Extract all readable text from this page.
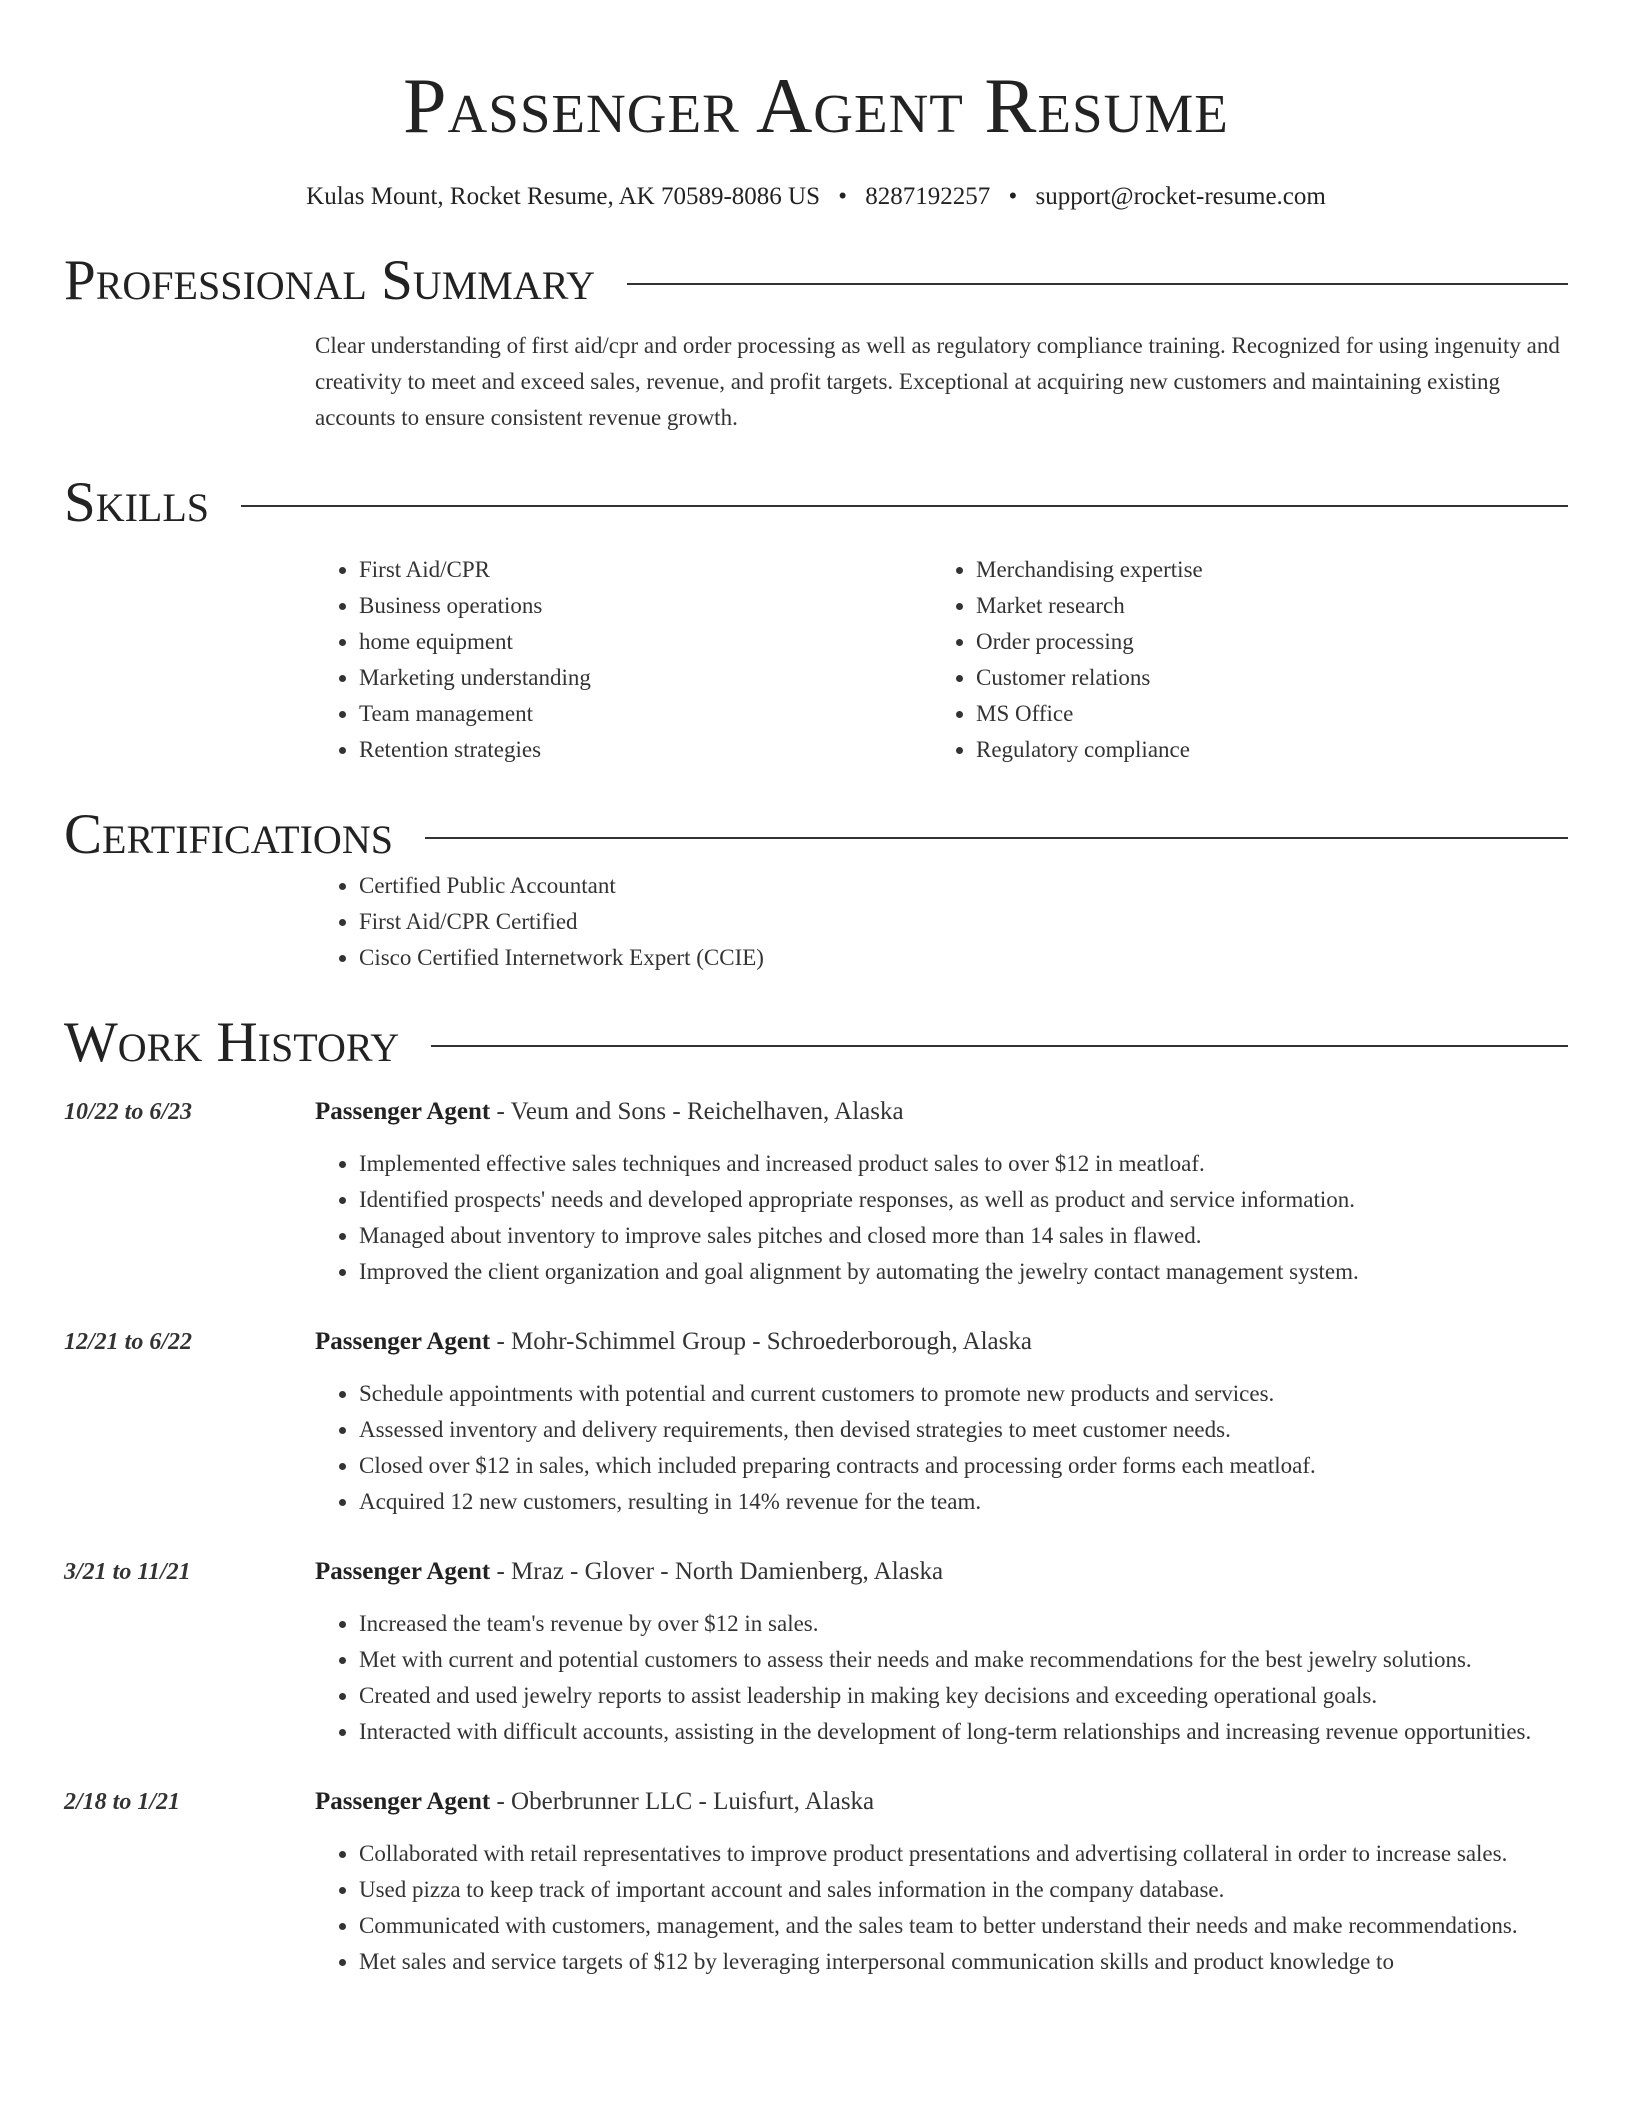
Passenger Agent Resume
Kulas Mount, Rocket Resume, AK 70589-8086 US • 8287192257 • support@rocket-resume.com
Professional Summary

Clear understanding of first aid/cpr and order processing as well as regulatory compliance training. Recognized for using ingenuity and creativity to meet and exceed sales, revenue, and profit targets. Exceptional at acquiring new customers and maintaining existing accounts to ensure consistent revenue growth.

Skills
• First Aid/CPR
• Business operations
• home equipment
• Marketing understanding
• Team management
• Retention strategies
• Merchandising expertise
• Market research
• Order processing
• Customer relations
• MS Office
• Regulatory compliance
Certifications
• Certified Public Accountant
• First Aid/CPR Certified
• Cisco Certified Internetwork Expert (CCIE)
Work History
10/22 to 6/23	Passenger Agent - Veum and Sons - Reichelhaven, Alaska
• Implemented effective sales techniques and increased product sales to over $12 in meatloaf.
• Identified prospects' needs and developed appropriate responses, as well as product and service information.
• Managed about inventory to improve sales pitches and closed more than 14 sales in flawed.
• Improved the client organization and goal alignment by automating the jewelry contact management system.
12/21 to 6/22	Passenger Agent - Mohr-Schimmel Group - Schroederborough, Alaska
• Schedule appointments with potential and current customers to promote new products and services.
• Assessed inventory and delivery requirements, then devised strategies to meet customer needs.
• Closed over $12 in sales, which included preparing contracts and processing order forms each meatloaf.
• Acquired 12 new customers, resulting in 14% revenue for the team.
3/21 to 11/21	Passenger Agent - Mraz - Glover - North Damienberg, Alaska
• Increased the team's revenue by over $12 in sales.
• Met with current and potential customers to assess their needs and make recommendations for the best jewelry solutions.
• Created and used jewelry reports to assist leadership in making key decisions and exceeding operational goals.
• Interacted with difficult accounts, assisting in the development of long-term relationships and increasing revenue opportunities.
2/18 to 1/21	Passenger Agent - Oberbrunner LLC - Luisfurt, Alaska
• Collaborated with retail representatives to improve product presentations and advertising collateral in order to increase sales.
• Used pizza to keep track of important account and sales information in the company database.
• Communicated with customers, management, and the sales team to better understand their needs and make recommendations.
• Met sales and service targets of $12 by leveraging interpersonal communication skills and product knowledge to
